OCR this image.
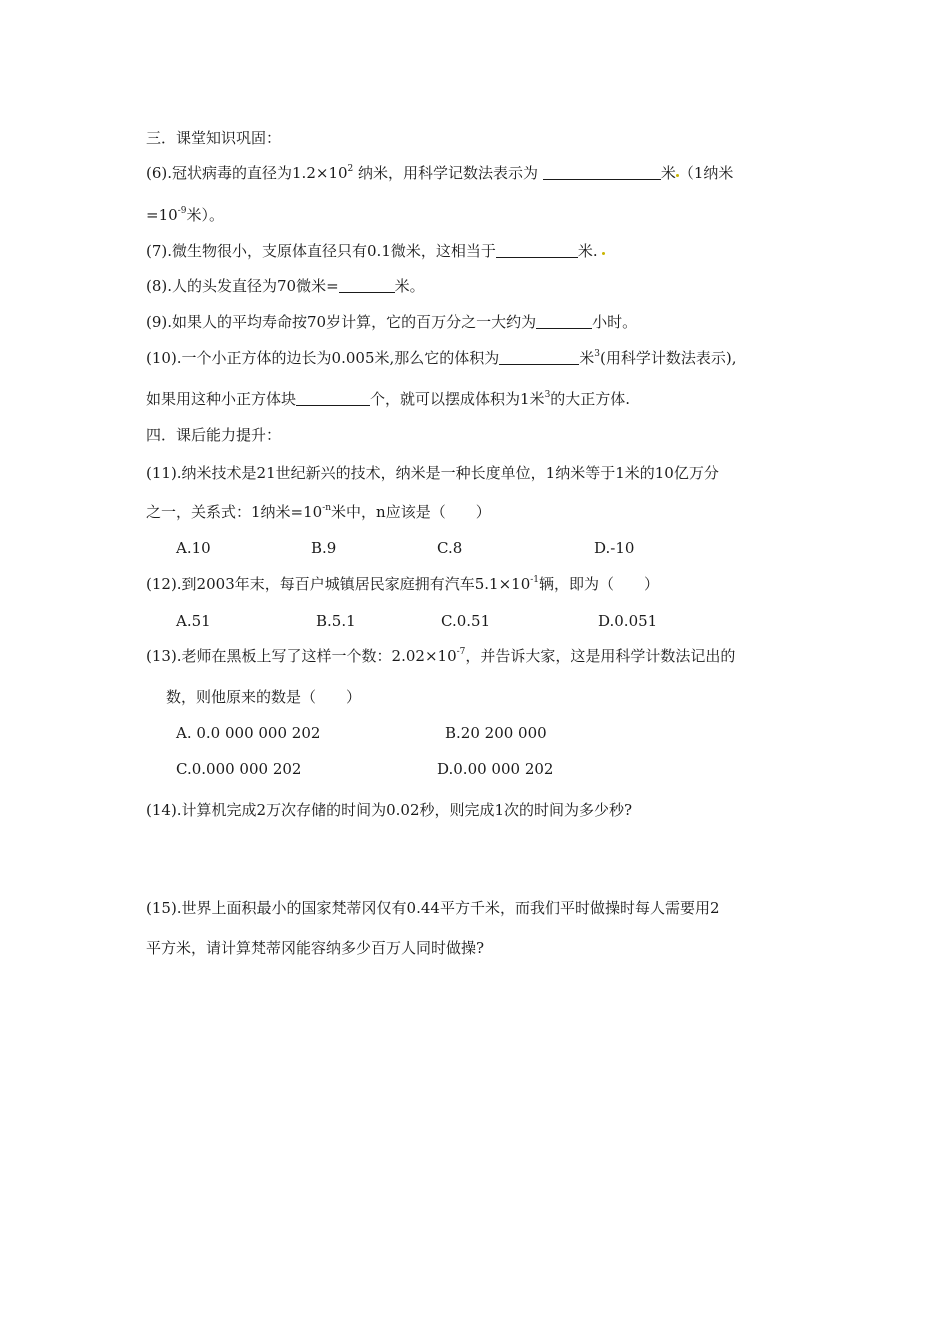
三．课堂知识巩固：
(6).冠状病毒的直径为$1.2\times 10^2$ 纳米，用科学记数法表示为	米 （1纳米
$=10^{-9}$米）。
(7).微生物很小，支原体直径只有0.1微米，这相当于	米.
(8).人的头发直径为70微米=	米。
(9).如果人的平均寿命按70岁计算，它的百万分之一大约为	小时。
(10).一个小正方体的边长为0.005米,那么它的体积为	米$^3$(用科学计数法表示),
如果用这种小正方体块	个，就可以摆成体积为1米$^3$的大正方体.
四．课后能力提升：
(11).纳米技术是21世纪新兴的技术，纳米是一种长度单位，1纳米等于1米的10亿万分
之一，关系式：1纳米$=10^{-n}$米中，n应该是（　　）
A.10	B.9	C.8	D.-10
(12).到2003年末，每百户城镇居民家庭拥有汽车$5.1\times 10^{-1}$辆，即为（　　）
A.51	B.5.1	C.0.51	D.0.051
(13).老师在黑板上写了这样一个数：$2.02\times 10^{-7}$，并告诉大家，这是用科学计数法记出的
数，则他原来的数是（　　）
A. 0.0 000 000 202	B.20 200 000
C.0.000 000 202	D.0.00 000 202
(14).计算机完成2万次存储的时间为0.02秒，则完成1次的时间为多少秒?
(15).世界上面积最小的国家梵蒂冈仅有0.44平方千米，而我们平时做操时每人需要用2
平方米，请计算梵蒂冈能容纳多少百万人同时做操?
